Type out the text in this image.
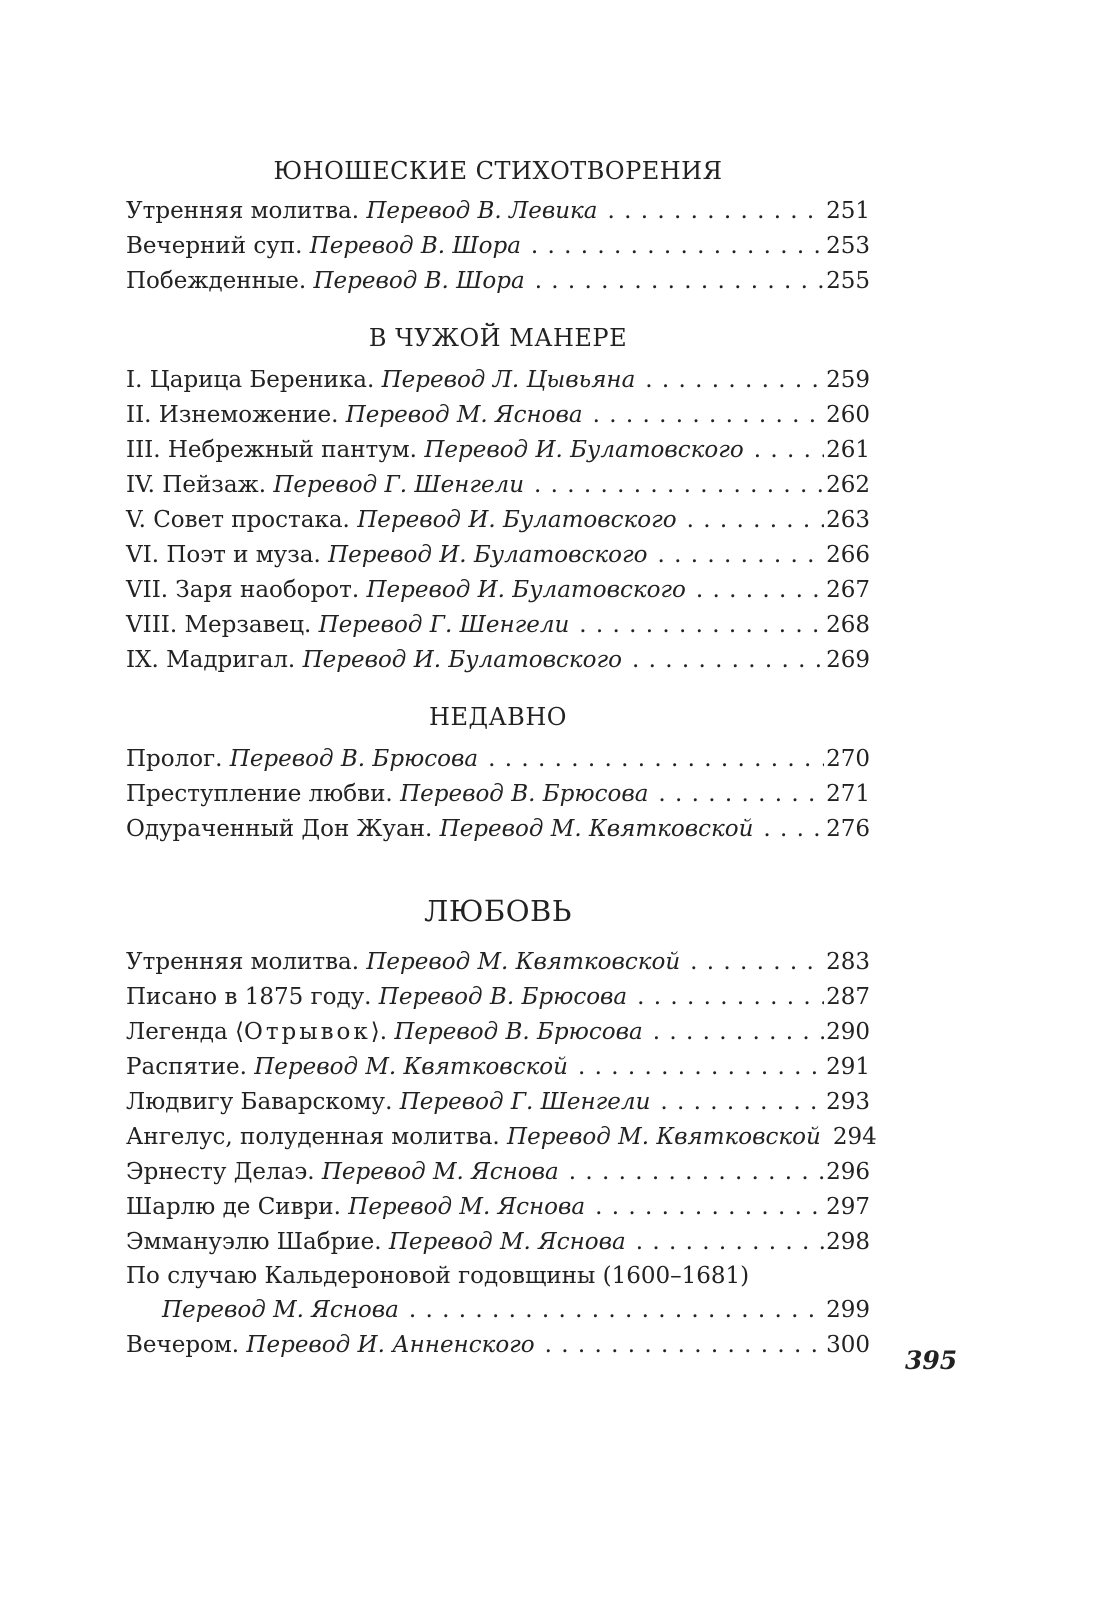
ЮНОШЕСКИЕ СТИХОТВОРЕНИЯ
Утренняя молитва. Перевод В. Левика . . .	251
Вечерний суп. Перевод В. Шора . . .	253
Побежденные. Перевод В. Шора . . .	255
В ЧУЖОЙ МАНЕРЕ
I. Царица Береника. Перевод Л. Цывьяна . . .	259
II. Изнеможение. Перевод М. Яснова . . .	260
III. Небрежный пантум. Перевод И. Булатовского . . .	261
IV. Пейзаж. Перевод Г. Шенгели . . .	262
V. Совет простака. Перевод И. Булатовского . . .	263
VI. Поэт и муза. Перевод И. Булатовского . . .	266
VII. Заря наоборот. Перевод И. Булатовского . . .	267
VIII. Мерзавец. Перевод Г. Шенгели . . .	268
IX. Мадригал. Перевод И. Булатовского . . .	269
НЕДАВНО
Пролог. Перевод В. Брюсова . . .	270
Преступление любви. Перевод В. Брюсова . . .	271
Одураченный Дон Жуан. Перевод М. Квятковской . . .	276
ЛЮБОВЬ
Утренняя молитва. Перевод М. Квятковской . . .	283
Писано в 1875 году. Перевод В. Брюсова . . .	287
Легенда ⟨Отрывок⟩. Перевод В. Брюсова . . .	290
Распятие. Перевод М. Квятковской . . .	291
Людвигу Баварскому. Перевод Г. Шенгели . . .	293
Ангелус, полуденная молитва. Перевод М. Квятковской 294
Эрнесту Делаэ. Перевод М. Яснова . . .	296
Шарлю де Сиври. Перевод М. Яснова . . .	297
Эммануэлю Шабрие. Перевод М. Яснова . . .	298
По случаю Кальдероновой годовщины (1600–1681)
Перевод М. Яснова . . .	299
Вечером. Перевод И. Анненского . . .	300
395
